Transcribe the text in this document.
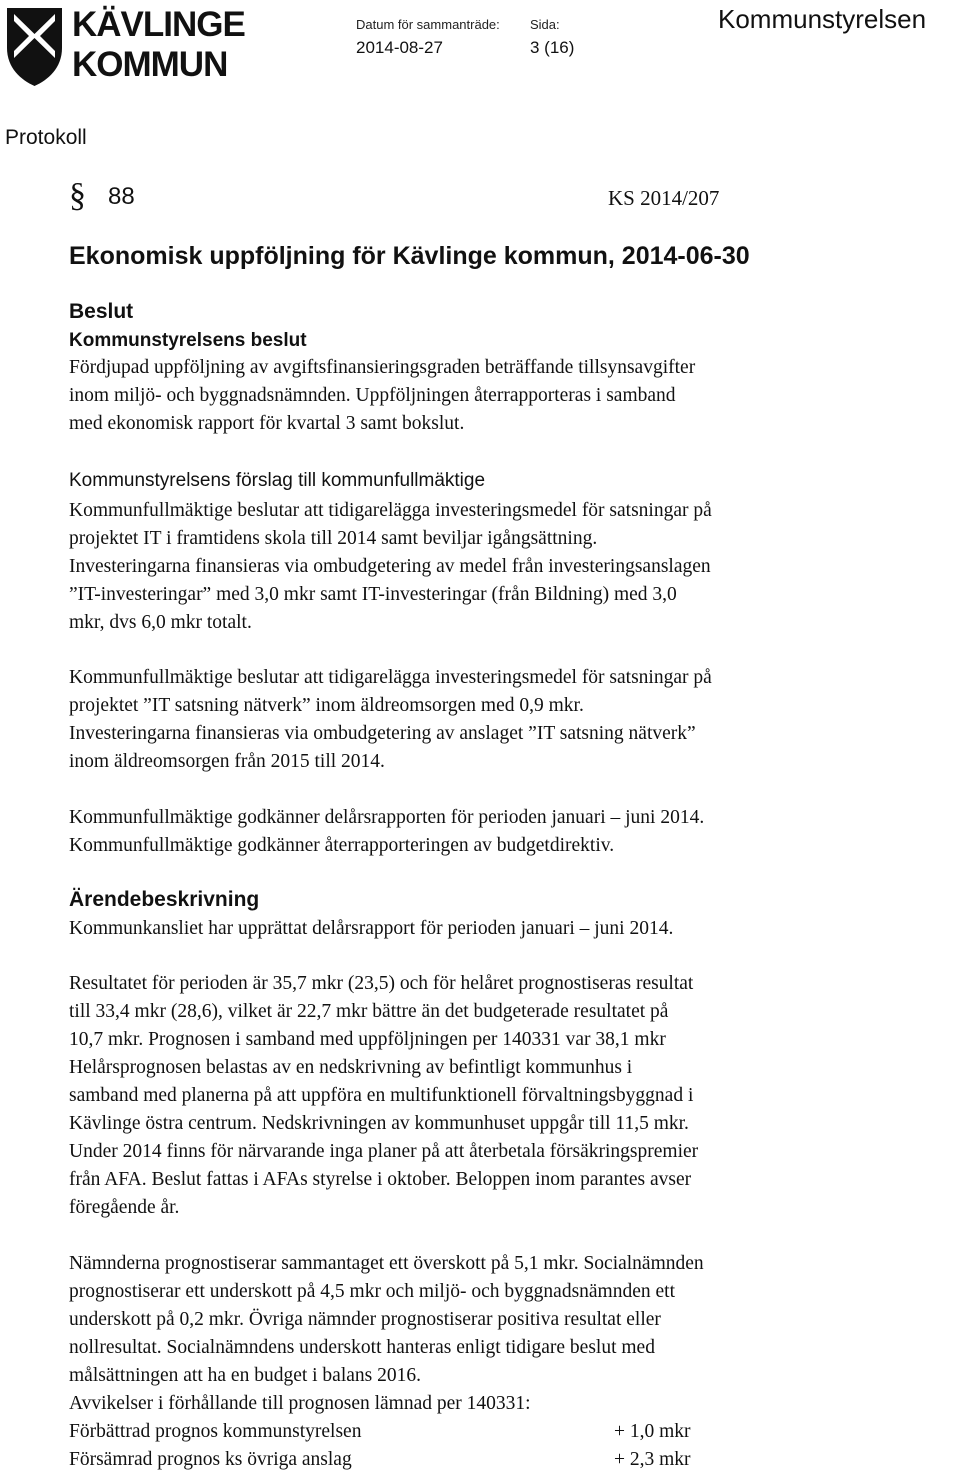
KÄVLINGE
KOMMUN
Datum för sammanträde: Sida:
2014-08-27	3 (16)
Kommunstyrelsen
Protokoll
§ 88	KS 2014/207
Ekonomisk uppföljning för Kävlinge kommun, 2014-06-30
Beslut
Kommunstyrelsens beslut
Fördjupad uppföljning av avgiftsfinansieringsgraden beträffande tillsynsavgifter
inom miljö- och byggnadsnämnden. Uppföljningen återrapporteras i samband
med ekonomisk rapport för kvartal 3 samt bokslut.
Kommunstyrelsens förslag till kommunfullmäktige
Kommunfullmäktige beslutar att tidigarelägga investeringsmedel för satsningar på
projektet IT i framtidens skola till 2014 samt beviljar igångsättning.
Investeringarna finansieras via ombudgetering av medel från investeringsanslagen
”IT-investeringar” med 3,0 mkr samt IT-investeringar (från Bildning) med 3,0
mkr, dvs 6,0 mkr totalt.
Kommunfullmäktige beslutar att tidigarelägga investeringsmedel för satsningar på
projektet ”IT satsning nätverk” inom äldreomsorgen med 0,9 mkr.
Investeringarna finansieras via ombudgetering av anslaget ”IT satsning nätverk”
inom äldreomsorgen från 2015 till 2014.
Kommunfullmäktige godkänner delårsrapporten för perioden januari – juni 2014.
Kommunfullmäktige godkänner återrapporteringen av budgetdirektiv.
Ärendebeskrivning
Kommunkansliet har upprättat delårsrapport för perioden januari – juni 2014.
Resultatet för perioden är 35,7 mkr (23,5) och för helåret prognostiseras resultat
till 33,4 mkr (28,6), vilket är 22,7 mkr bättre än det budgeterade resultatet på
10,7 mkr. Prognosen i samband med uppföljningen per 140331 var 38,1 mkr
Helårsprognosen belastas av en nedskrivning av befintligt kommunhus i
samband med planerna på att uppföra en multifunktionell förvaltningsbyggnad i
Kävlinge östra centrum. Nedskrivningen av kommunhuset uppgår till 11,5 mkr.
Under 2014 finns för närvarande inga planer på att återbetala försäkringspremier
från AFA. Beslut fattas i AFAs styrelse i oktober. Beloppen inom parantes avser
föregående år.
Nämnderna prognostiserar sammantaget ett överskott på 5,1 mkr. Socialnämnden
prognostiserar ett underskott på 4,5 mkr och miljö- och byggnadsnämnden ett
underskott på 0,2 mkr. Övriga nämnder prognostiserar positiva resultat eller
nollresultat. Socialnämndens underskott hanteras enligt tidigare beslut med
målsättningen att ha en budget i balans 2016.
Avvikelser i förhållande till prognosen lämnad per 140331:
Förbättrad prognos kommunstyrelsen	+ 1,0 mkr
Försämrad prognos ks övriga anslag	+ 2,3 mkr
